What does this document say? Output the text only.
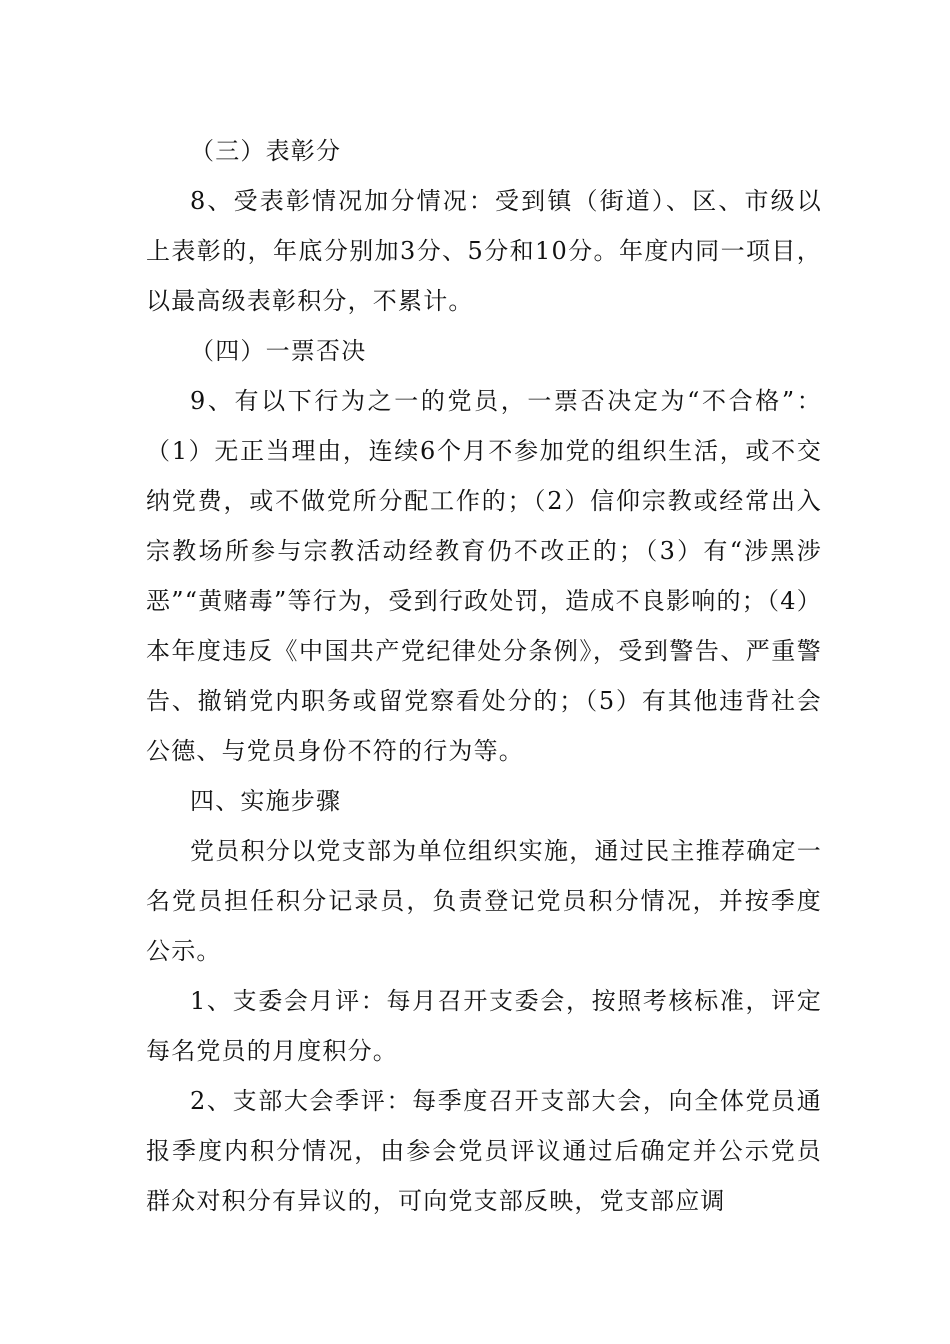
（三）表彰分

8、受表彰情况加分情况：受到镇（街道）、区、市级以上表彰的，年底分别加3分、5分和10分。年度内同一项目，以最高级表彰积分，不累计。

（四）一票否决

9、有以下行为之一的党员，一票否决定为“不合格”：（1）无正当理由，连续6个月不参加党的组织生活，或不交纳党费，或不做党所分配工作的；（2）信仰宗教或经常出入宗教场所参与宗教活动经教育仍不改正的；（3）有“涉黑涉恶”“黄赌毒”等行为，受到行政处罚，造成不良影响的；（4）本年度违反《中国共产党纪律处分条例》，受到警告、严重警告、撤销党内职务或留党察看处分的；（5）有其他违背社会公德、与党员身份不符的行为等。

四、实施步骤

党员积分以党支部为单位组织实施，通过民主推荐确定一名党员担任积分记录员，负责登记党员积分情况，并按季度公示。

1、支委会月评：每月召开支委会，按照考核标准，评定每名党员的月度积分。

2、支部大会季评：每季度召开支部大会，向全体党员通报季度内积分情况，由参会党员评议通过后确定并公示党员群众对积分有异议的，可向党支部反映，党支部应调
